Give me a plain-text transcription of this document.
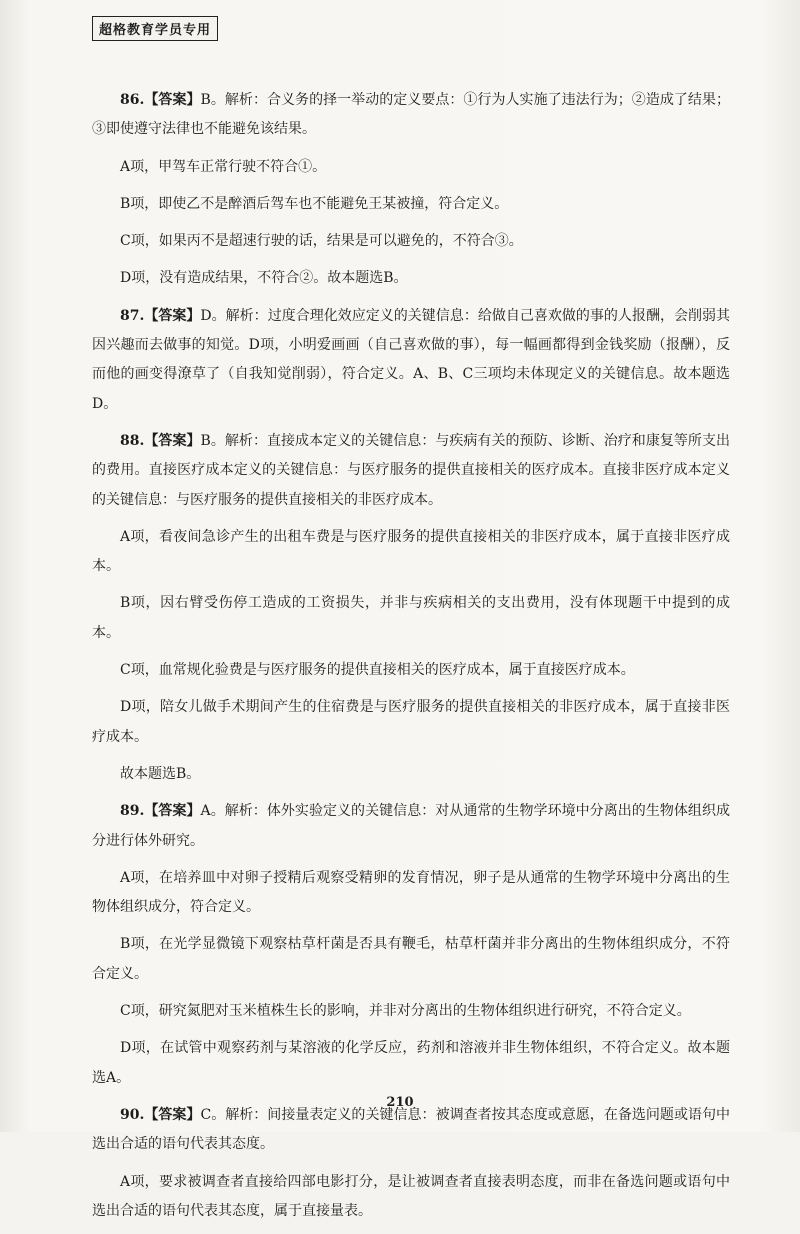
超格教育学员专用

86.【答案】B。解析：合义务的择一举动的定义要点：①行为人实施了违法行为；②造成了结果；③即使遵守法律也不能避免该结果。

A项，甲驾车正常行驶不符合①。

B项，即使乙不是醉酒后驾车也不能避免王某被撞，符合定义。

C项，如果丙不是超速行驶的话，结果是可以避免的，不符合③。

D项，没有造成结果，不符合②。故本题选B。

87.【答案】D。解析：过度合理化效应定义的关键信息：给做自己喜欢做的事的人报酬，会削弱其因兴趣而去做事的知觉。D项，小明爱画画（自己喜欢做的事），每一幅画都得到金钱奖励（报酬），反而他的画变得潦草了（自我知觉削弱），符合定义。A、B、C三项均未体现定义的关键信息。故本题选D。

88.【答案】B。解析：直接成本定义的关键信息：与疾病有关的预防、诊断、治疗和康复等所支出的费用。直接医疗成本定义的关键信息：与医疗服务的提供直接相关的医疗成本。直接非医疗成本定义的关键信息：与医疗服务的提供直接相关的非医疗成本。

A项，看夜间急诊产生的出租车费是与医疗服务的提供直接相关的非医疗成本，属于直接非医疗成本。

B项，因右臂受伤停工造成的工资损失，并非与疾病相关的支出费用，没有体现题干中提到的成本。

C项，血常规化验费是与医疗服务的提供直接相关的医疗成本，属于直接医疗成本。

D项，陪女儿做手术期间产生的住宿费是与医疗服务的提供直接相关的非医疗成本，属于直接非医疗成本。

故本题选B。

89.【答案】A。解析：体外实验定义的关键信息：对从通常的生物学环境中分离出的生物体组织成分进行体外研究。

A项，在培养皿中对卵子授精后观察受精卵的发育情况，卵子是从通常的生物学环境中分离出的生物体组织成分，符合定义。

B项，在光学显微镜下观察枯草杆菌是否具有鞭毛，枯草杆菌并非分离出的生物体组织成分，不符合定义。

C项，研究氮肥对玉米植株生长的影响，并非对分离出的生物体组织进行研究，不符合定义。

D项，在试管中观察药剂与某溶液的化学反应，药剂和溶液并非生物体组织，不符合定义。故本题选A。

90.【答案】C。解析：间接量表定义的关键信息：被调查者按其态度或意愿，在备选问题或语句中选出合适的语句代表其态度。

A项，要求被调查者直接给四部电影打分，是让被调查者直接表明态度，而非在备选问题或语句中选出合适的语句代表其态度，属于直接量表。

210
